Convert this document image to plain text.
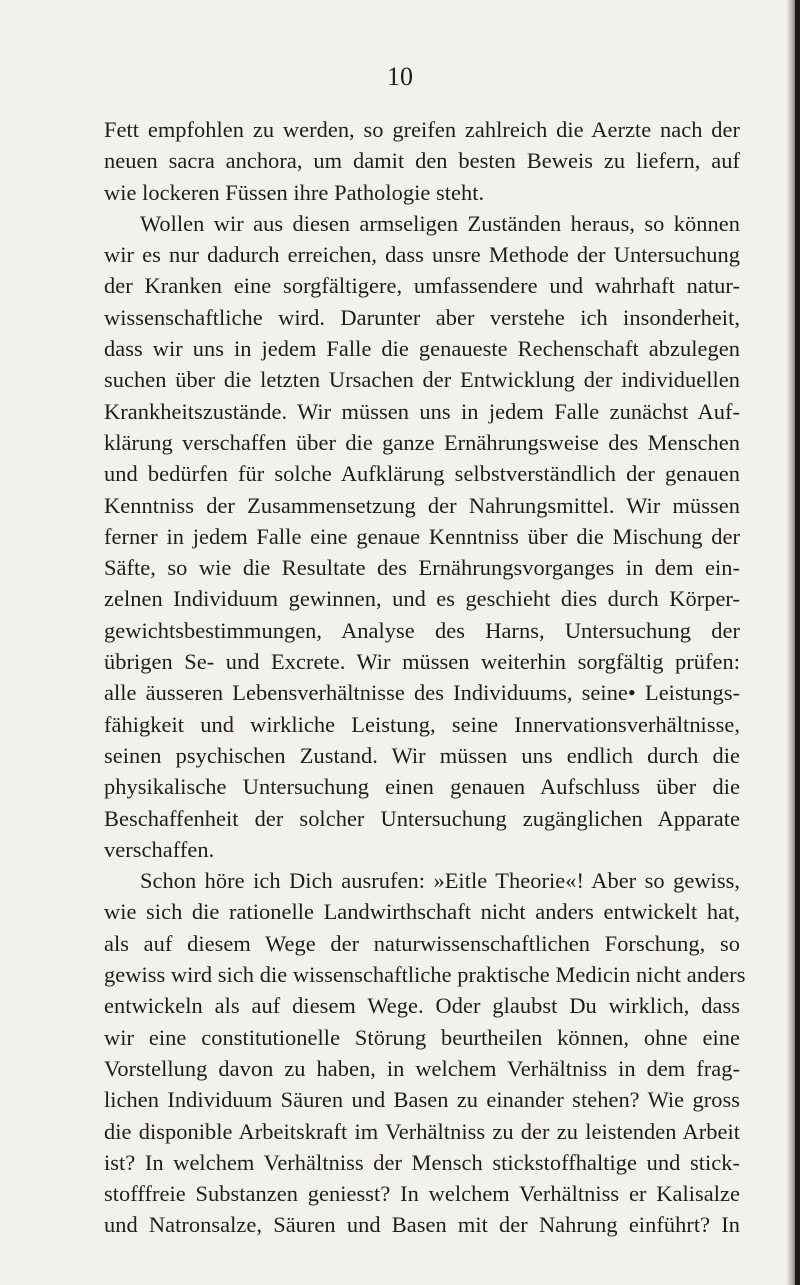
10

Fett empfohlen zu werden, so greifen zahlreich die Aerzte nach der
neuen sacra anchora, um damit den besten Beweis zu liefern, auf
wie lockeren Füssen ihre Pathologie steht.

Wollen wir aus diesen armseligen Zuständen heraus, so können
wir es nur dadurch erreichen, dass unsre Methode der Untersuchung
der Kranken eine sorgfältigere, umfassendere und wahrhaft natur-
wissenschaftliche wird. Darunter aber verstehe ich insonderheit,
dass wir uns in jedem Falle die genaueste Rechenschaft abzulegen
suchen über die letzten Ursachen der Entwicklung der individuellen
Krankheitszustände. Wir müssen uns in jedem Falle zunächst Auf-
klärung verschaffen über die ganze Ernährungsweise des Menschen
und bedürfen für solche Aufklärung selbstverständlich der genauen
Kenntniss der Zusammensetzung der Nahrungsmittel. Wir müssen
ferner in jedem Falle eine genaue Kenntniss über die Mischung der
Säfte, so wie die Resultate des Ernährungsvorganges in dem ein-
zelnen Individuum gewinnen, und es geschieht dies durch Körper-
gewichtsbestimmungen, Analyse des Harns, Untersuchung der
übrigen Se- und Excrete. Wir müssen weiterhin sorgfältig prüfen:
alle äusseren Lebensverhältnisse des Individuums, seine• Leistungs-
fähigkeit und wirkliche Leistung, seine Innervationsverhältnisse,
seinen psychischen Zustand. Wir müssen uns endlich durch die
physikalische Untersuchung einen genauen Aufschluss über die
Beschaffenheit der solcher Untersuchung zugänglichen Apparate
verschaffen.

Schon höre ich Dich ausrufen: »Eitle Theorie«! Aber so gewiss,
wie sich die rationelle Landwirthschaft nicht anders entwickelt hat,
als auf diesem Wege der naturwissenschaftlichen Forschung, so
gewiss wird sich die wissenschaftliche praktische Medicin nicht anders
entwickeln als auf diesem Wege. Oder glaubst Du wirklich, dass
wir eine constitutionelle Störung beurtheilen können, ohne eine
Vorstellung davon zu haben, in welchem Verhältniss in dem frag-
lichen Individuum Säuren und Basen zu einander stehen? Wie gross
die disponible Arbeitskraft im Verhältniss zu der zu leistenden Arbeit
ist? In welchem Verhältniss der Mensch stickstoffhaltige und stick-
stofffreie Substanzen geniesst? In welchem Verhältniss er Kalisalze
und Natronsalze, Säuren und Basen mit der Nahrung einführt? In
